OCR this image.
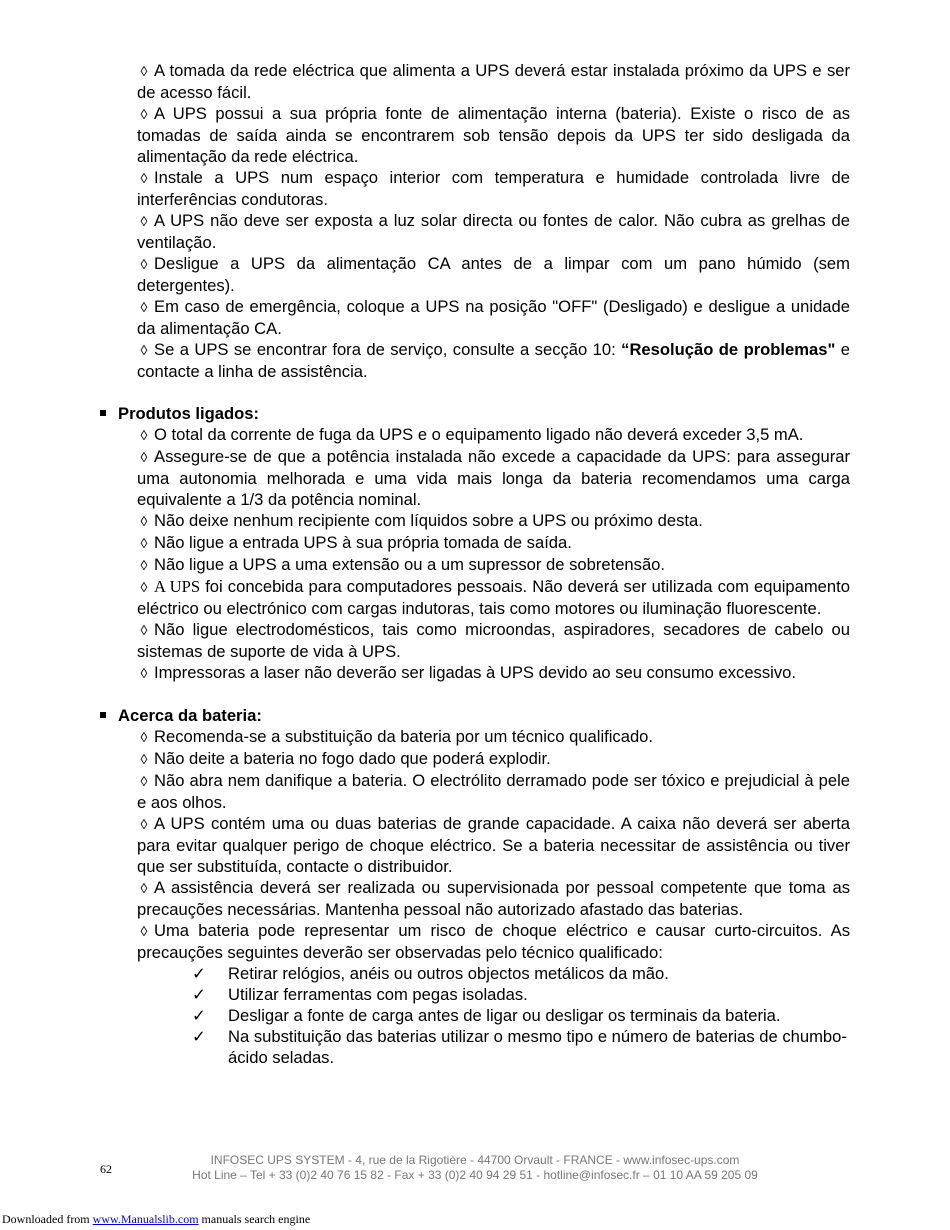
◊ A tomada da rede eléctrica que alimenta a UPS deverá estar instalada próximo da UPS e ser de acesso fácil.
◊ A UPS possui a sua própria fonte de alimentação interna (bateria). Existe o risco de as tomadas de saída ainda se encontrarem sob tensão depois da UPS ter sido desligada da alimentação da rede eléctrica.
◊ Instale a UPS num espaço interior com temperatura e humidade controlada livre de interferências condutoras.
◊ A UPS não deve ser exposta a luz solar directa ou fontes de calor. Não cubra as grelhas de ventilação.
◊ Desligue a UPS da alimentação CA antes de a limpar com um pano húmido (sem detergentes).
◊ Em caso de emergência, coloque a UPS na posição "OFF" (Desligado) e desligue a unidade da alimentação CA.
◊ Se a UPS se encontrar fora de serviço, consulte a secção 10: “Resolução de problemas" e contacte a linha de assistência.
Produtos ligados:
◊ O total da corrente de fuga da UPS e o equipamento ligado não deverá exceder 3,5 mA.
◊ Assegure-se de que a potência instalada não excede a capacidade da UPS: para assegurar uma autonomia melhorada e uma vida mais longa da bateria recomendamos uma carga equivalente a 1/3 da potência nominal.
◊ Não deixe nenhum recipiente com líquidos sobre a UPS ou próximo desta.
◊ Não ligue a entrada UPS à sua própria tomada de saída.
◊ Não ligue a UPS a uma extensão ou a um supressor de sobretensão.
◊ A UPS foi concebida para computadores pessoais. Não deverá ser utilizada com equipamento eléctrico ou electrónico com cargas indutoras, tais como motores ou iluminação fluorescente.
◊ Não ligue electrodomésticos, tais como microondas, aspiradores, secadores de cabelo ou sistemas de suporte de vida à UPS.
◊ Impressoras a laser não deverão ser ligadas à UPS devido ao seu consumo excessivo.
Acerca da bateria:
◊ Recomenda-se a substituição da bateria por um técnico qualificado.
◊ Não deite a bateria no fogo dado que poderá explodir.
◊ Não abra nem danifique a bateria. O electrólito derramado pode ser tóxico e prejudicial à pele e aos olhos.
◊ A UPS contém uma ou duas baterias de grande capacidade. A caixa não deverá ser aberta para evitar qualquer perigo de choque eléctrico. Se a bateria necessitar de assistência ou tiver que ser substituída, contacte o distribuidor.
◊ A assistência deverá ser realizada ou supervisionada por pessoal competente que toma as precauções necessárias. Mantenha pessoal não autorizado afastado das baterias.
◊ Uma bateria pode representar um risco de choque eléctrico e causar curto-circuitos. As precauções seguintes deverão ser observadas pelo técnico qualificado:
✓ Retirar relógios, anéis ou outros objectos metálicos da mão.
✓ Utilizar ferramentas com pegas isoladas.
✓ Desligar a fonte de carga antes de ligar ou desligar os terminais da bateria.
✓ Na substituição das baterias utilizar o mesmo tipo e número de baterias de chumbo-ácido seladas.
62
INFOSEC UPS SYSTEM - 4, rue de la Rigotière - 44700 Orvault - FRANCE - www.infosec-ups.com
Hot Line – Tel + 33 (0)2 40 76 15 82 - Fax + 33 (0)2 40 94 29 51 - hotline@infosec.fr – 01 10 AA 59 205 09
Downloaded from www.Manualslib.com manuals search engine
